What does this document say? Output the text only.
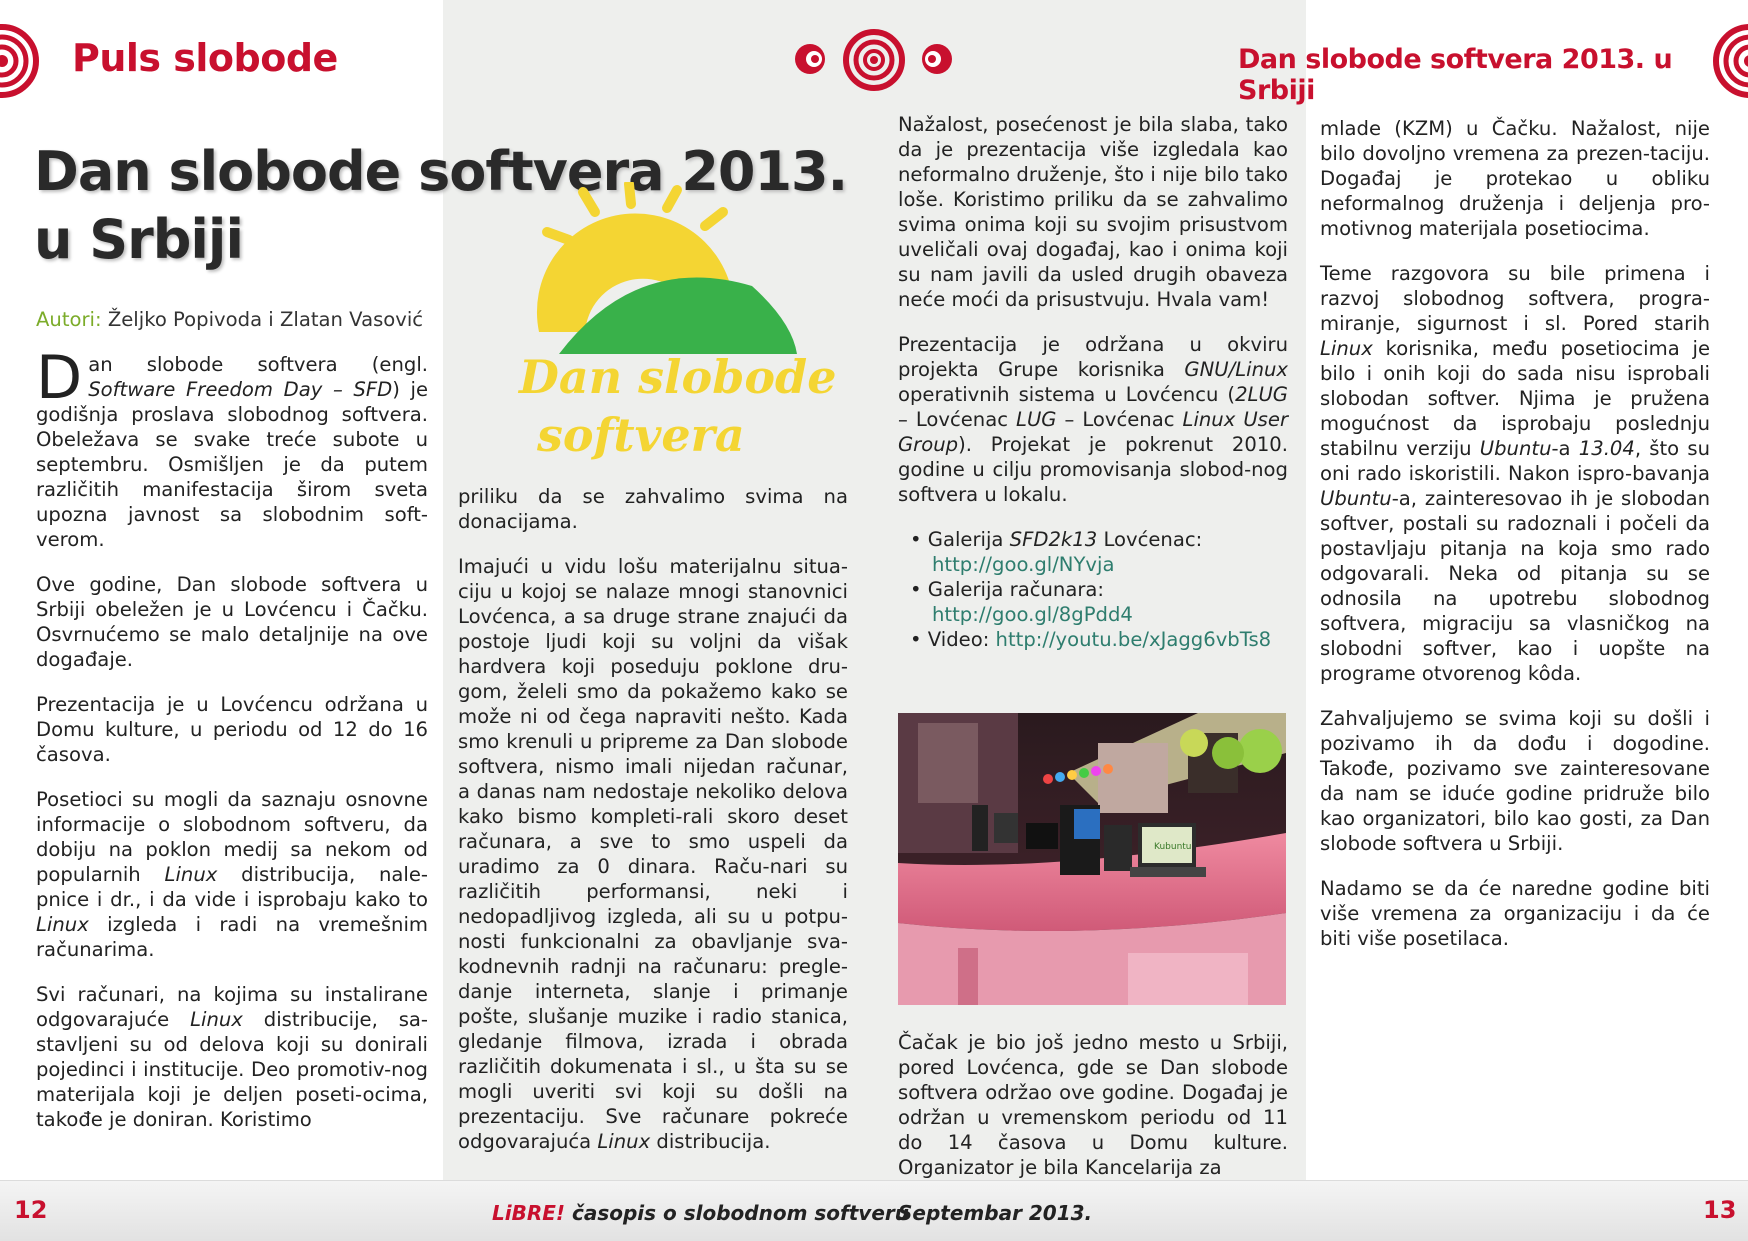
Puls slobode	Dan slobode softvera 2013. u Srbiji
Dan slobode softvera 2013.
u Srbiji

Autori: Željko Popivoda i Zlatan Vasović

Dan slobode softvera (engl. Software Freedom Day – SFD) je godišnja proslava slobodnog softvera. Obeležava se svake treće subote u septembru. Osmišljen je da putem različitih manifestacija širom sveta upozna javnost sa slobodnim soft-verom.

Ove godine, Dan slobode softvera u Srbiji obeležen je u Lovćencu i Čačku. Osvrnućemo se malo detaljnije na ove događaje.

Prezentacija je u Lovćencu održana u Domu kulture, u periodu od 12 do 16 časova.

Posetioci su mogli da saznaju osnovne informacije o slobodnom softveru, da dobiju na poklon medij sa nekom od popularnih Linux distribucija, nale-pnice i dr., i da vide i isprobaju kako to Linux izgleda i radi na vremešnim računarima.

Svi računari, na kojima su instalirane odgovarajuće Linux distribucije, sa-stavljeni su od delova koji su donirali pojedinci i institucije. Deo promotiv-nog materijala koji je deljen poseti-ocima, takođe je doniran. Koristimo

Dan slobode
softvera

priliku da se zahvalimo svima na donacijama.

Imajući u vidu lošu materijalnu situa-ciju u kojoj se nalaze mnogi stanovnici Lovćenca, a sa druge strane znajući da postoje ljudi koji su voljni da višak hardvera koji poseduju poklone dru-gom, želeli smo da pokažemo kako se može ni od čega napraviti nešto. Kada smo krenuli u pripreme za Dan slobode softvera, nismo imali nijedan računar, a danas nam nedostaje nekoliko delova kako bismo kompleti-rali skoro deset računara, a sve to smo uspeli da uradimo za 0 dinara. Raču-nari su različitih performansi, neki i nedopadljivog izgleda, ali su u potpu-nosti funkcionalni za obavljanje sva-kodnevnih radnji na računaru: pregle-danje interneta, slanje i primanje pošte, slušanje muzike i radio stanica, gledanje filmova, izrada i obrada različitih dokumenata i sl., u šta su se mogli uveriti svi koji su došli na prezentaciju. Sve računare pokreće odgovarajuća Linux distribucija.

Nažalost, posećenost je bila slaba, tako da je prezentacija više izgledala kao neformalno druženje, što i nije bilo tako loše. Koristimo priliku da se zahvalimo svima onima koji su svojim prisustvom uveličali ovaj događaj, kao i onima koji su nam javili da usled drugih obaveza neće moći da prisustvuju. Hvala vam!

Prezentacija je održana u okviru projekta Grupe korisnika GNU/Linux operativnih sistema u Lovćencu (2LUG – Lovćenac LUG – Lovćenac Linux User Group). Projekat je pokrenut 2010. godine u cilju promovisanja slobod-nog softvera u lokalu.

• Galerija SFD2k13 Lovćenac:
http://goo.gl/NYvja
• Galerija računara:
http://goo.gl/8gPdd4
• Video: http://youtu.be/xJagg6vbTs8
Kubuntu

Čačak je bio još jedno mesto u Srbiji, pored Lovćenca, gde se Dan slobode softvera održao ove godine. Događaj je održan u vremenskom periodu od 11 do 14 časova u Domu kulture. Organizator je bila Kancelarija za

mlade (KZM) u Čačku. Nažalost, nije bilo dovoljno vremena za prezen-taciju. Događaj je protekao u obliku neformalnog druženja i deljenja pro-motivnog materijala posetiocima.

Teme razgovora su bile primena i razvoj slobodnog softvera, progra-miranje, sigurnost i sl. Pored starih Linux korisnika, među posetiocima je bilo i onih koji do sada nisu isprobali slobodan softver. Njima je pružena mogućnost da isprobaju poslednju stabilnu verziju Ubuntu-a 13.04, što su oni rado iskoristili. Nakon ispro-bavanja Ubuntu-a, zainteresovao ih je slobodan softver, postali su radoznali i počeli da postavljaju pitanja na koja smo rado odgovarali. Neka od pitanja su se odnosila na upotrebu slobodnog softvera, migraciju sa vlasničkog na slobodni softver, kao i uopšte na programe otvorenog kôda.

Zahvaljujemo se svima koji su došli i pozivamo ih da dođu i dogodine. Takođe, pozivamo sve zainteresovane da nam se iduće godine pridruže bilo kao organizatori, bilo kao gosti, za Dan slobode softvera u Srbiji.

Nadamo se da će naredne godine biti više vremena za organizaciju i da će biti više posetilaca.

12	LiBRE! časopis o slobodnom softveru
Septembar 2013.	13
